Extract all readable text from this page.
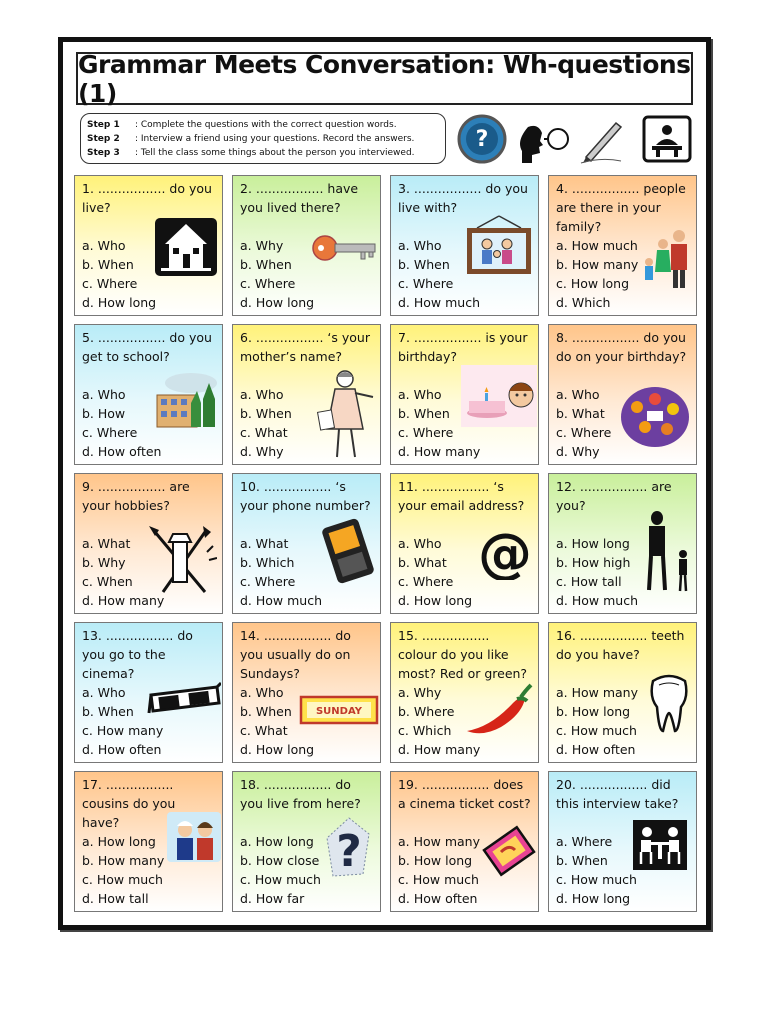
Grammar Meets Conversation: Wh-questions (1)
Step 1	: Complete the questions with the correct question words.
Step 2	: Interview a friend using your questions. Record the answers.
Step 3	: Tell the class some things about the person you interviewed.
?
1. ................. do you live?
a. Who
b. When
c. Where
d. How long
2. ................. have you lived there?
a. Why
b. When
c. Where
d. How long
3. ................. do you live with?
a. Who
b. When
c. Where
d. How much
4. ................. people are there in your family?
a. How much
b. How many
c. How long
d. Which
5. ................. do you get to school?
a. Who
b. How
c. Where
d. How often
6. ................. ‘s your mother’s name?
a. Who
b. When
c. What
d. Why
7. ................. is your birthday?
a. Who
b. When
c. Where
d. How many
8. ................. do you do on your birthday?
a. Who
b. What
c. Where
d. Why
9. ................. are your hobbies?
a. What
b. Why
c. When
d. How many
10. ................. ‘s your phone number?
a. What
b. Which
c. Where
d. How much
11. ................. ‘s your email address?
a. Who
b. What
c. Where
d. How long
@
12. ................. are you?
a. How long
b. How high
c. How tall
d. How much
13. ................. do you go to the cinema?
a. Who
b. When
c. How many
d. How often
14. ................. do you usually do on Sundays?
a. Who
b. When
c. What
d. How long
SUNDAY
15. ................. colour do you like most? Red or green?
a. Why
b. Where
c. Which
d. How many
16. ................. teeth do you have?
a. How many
b. How long
c. How much
d. How often
17. ................. cousins do you have?
a. How long
b. How many
c. How much
d. How tall
18. ................. do you live from here?
a. How long
b. How close
c. How much
d. How far
?
19. ................. does a cinema ticket cost?
a. How many
b. How long
c. How much
d. How often
20. ................. did this interview take?
a. Where
b. When
c. How much
d. How long
